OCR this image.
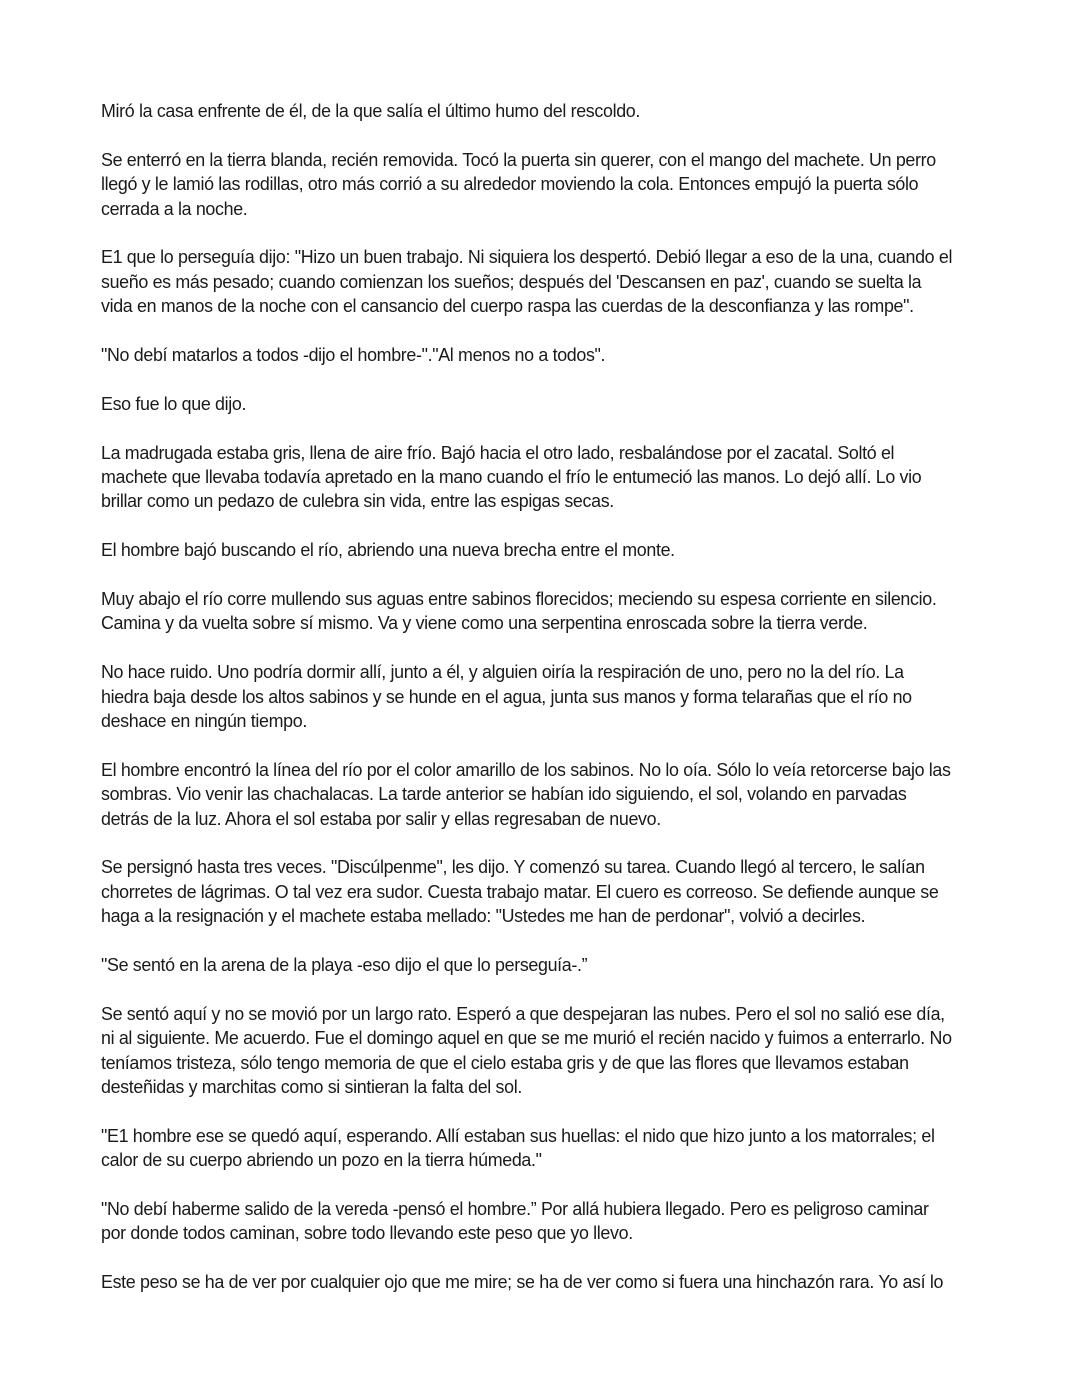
Miró la casa enfrente de él, de la que salía el último humo del rescoldo.

Se enterró en la tierra blanda, recién removida. Tocó la puerta sin querer, con el mango del machete. Un perro llegó y le lamió las rodillas, otro más corrió a su alrededor moviendo la cola. Entonces empujó la puerta sólo cerrada a la noche.

E1 que lo perseguía dijo: "Hizo un buen trabajo. Ni siquiera los despertó. Debió llegar a eso de la una, cuando el sueño es más pesado; cuando comienzan los sueños; después del 'Descansen en paz', cuando se suelta la vida en manos de la noche con el cansancio del cuerpo raspa las cuerdas de la desconfianza y las rompe".

"No debí matarlos a todos -dijo el hombre-"."Al menos no a todos".

Eso fue lo que dijo.

La madrugada estaba gris, llena de aire frío. Bajó hacia el otro lado, resbalándose por el zacatal. Soltó el machete que llevaba todavía apretado en la mano cuando el frío le entumeció las manos. Lo dejó allí. Lo vio brillar como un pedazo de culebra sin vida, entre las espigas secas.

El hombre bajó buscando el río, abriendo una nueva brecha entre el monte.

Muy abajo el río corre mullendo sus aguas entre sabinos florecidos; meciendo su espesa corriente en silencio. Camina y da vuelta sobre sí mismo. Va y viene como una serpentina enroscada sobre la tierra verde.

No hace ruido. Uno podría dormir allí, junto a él, y alguien oiría la respiración de uno, pero no la del río. La hiedra baja desde los altos sabinos y se hunde en el agua, junta sus manos y forma telarañas que el río no deshace en ningún tiempo.

El hombre encontró la línea del río por el color amarillo de los sabinos. No lo oía. Sólo lo veía retorcerse bajo las sombras. Vio venir las chachalacas. La tarde anterior se habían ido siguiendo, el sol, volando en parvadas detrás de la luz. Ahora el sol estaba por salir y ellas regresaban de nuevo.

Se persignó hasta tres veces. "Discúlpenme", les dijo. Y comenzó su tarea. Cuando llegó al tercero, le salían chorretes de lágrimas. O tal vez era sudor. Cuesta trabajo matar. El cuero es correoso. Se defiende aunque se haga a la resignación y el machete estaba mellado: "Ustedes me han de perdonar", volvió a decirles.

"Se sentó en la arena de la playa -eso dijo el que lo perseguía-.”

Se sentó aquí y no se movió por un largo rato. Esperó a que despejaran las nubes. Pero el sol no salió ese día, ni al siguiente. Me acuerdo. Fue el domingo aquel en que se me murió el recién nacido y fuimos a enterrarlo. No teníamos tristeza, sólo tengo memoria de que el cielo estaba gris y de que las flores que llevamos estaban desteñidas y marchitas como si sintieran la falta del sol.

"E1 hombre ese se quedó aquí, esperando. Allí estaban sus huellas: el nido que hizo junto a los matorrales; el calor de su cuerpo abriendo un pozo en la tierra húmeda."

"No debí haberme salido de la vereda -pensó el hombre.” Por allá hubiera llegado. Pero es peligroso caminar por donde todos caminan, sobre todo llevando este peso que yo llevo.

Este peso se ha de ver por cualquier ojo que me mire; se ha de ver como si fuera una hinchazón rara. Yo así lo
